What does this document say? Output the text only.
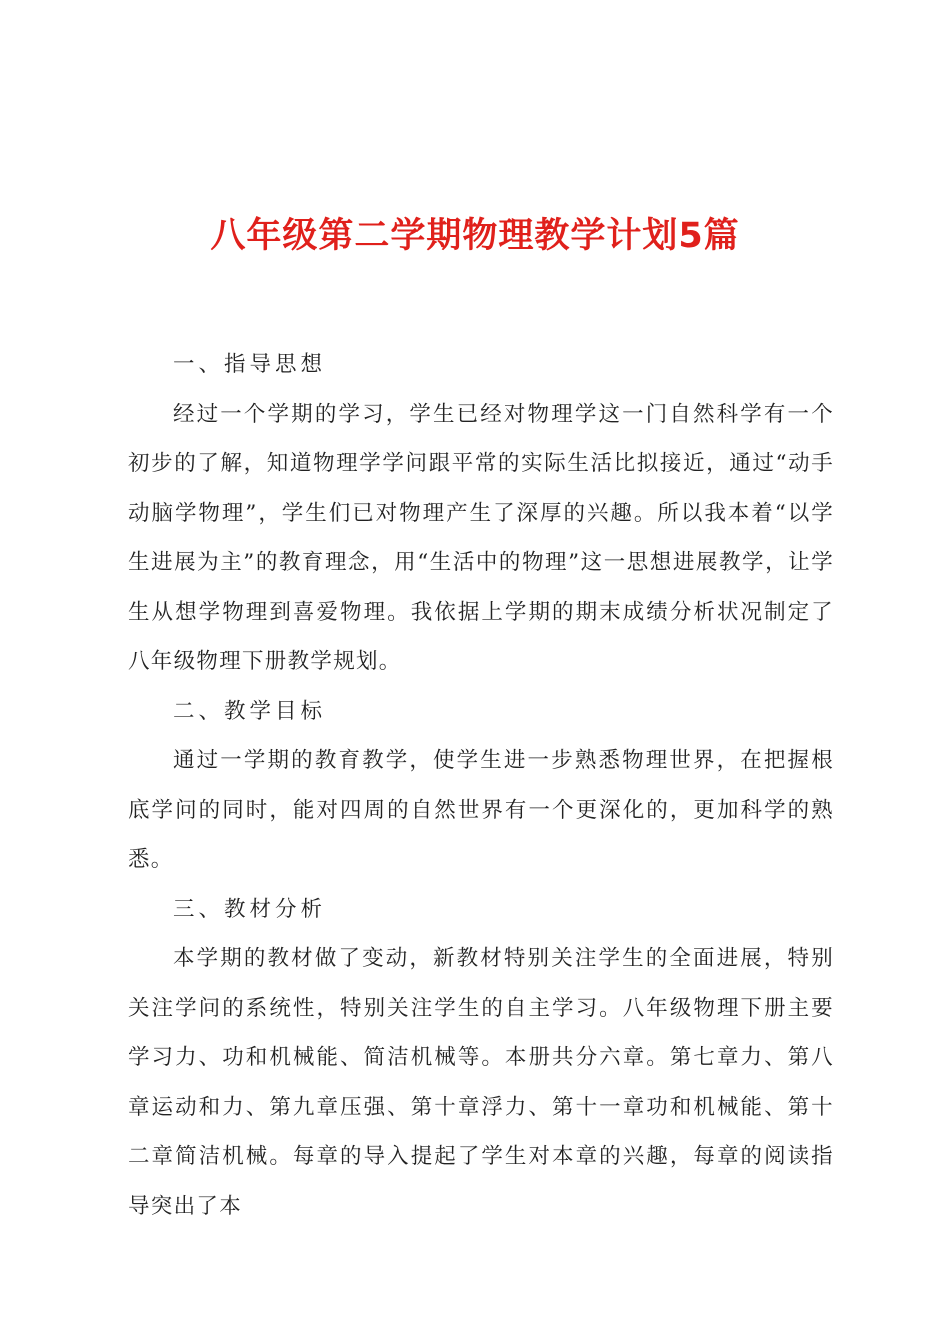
八年级第二学期物理教学计划5篇

一、指导思想

经过一个学期的学习，学生已经对物理学这一门自然科学有一个初步的了解，知道物理学学问跟平常的实际生活比拟接近，通过“动手动脑学物理”，学生们已对物理产生了深厚的兴趣。所以我本着“以学生进展为主”的教育理念，用“生活中的物理”这一思想进展教学，让学生从想学物理到喜爱物理。我依据上学期的期末成绩分析状况制定了八年级物理下册教学规划。

二、教学目标

通过一学期的教育教学，使学生进一步熟悉物理世界，在把握根底学问的同时，能对四周的自然世界有一个更深化的，更加科学的熟悉。

三、教材分析

本学期的教材做了变动，新教材特别关注学生的全面进展，特别关注学问的系统性，特别关注学生的自主学习。八年级物理下册主要学习力、功和机械能、简洁机械等。本册共分六章。第七章力、第八章运动和力、第九章压强、第十章浮力、第十一章功和机械能、第十二章简洁机械。每章的导入提起了学生对本章的兴趣，每章的阅读指导突出了本
